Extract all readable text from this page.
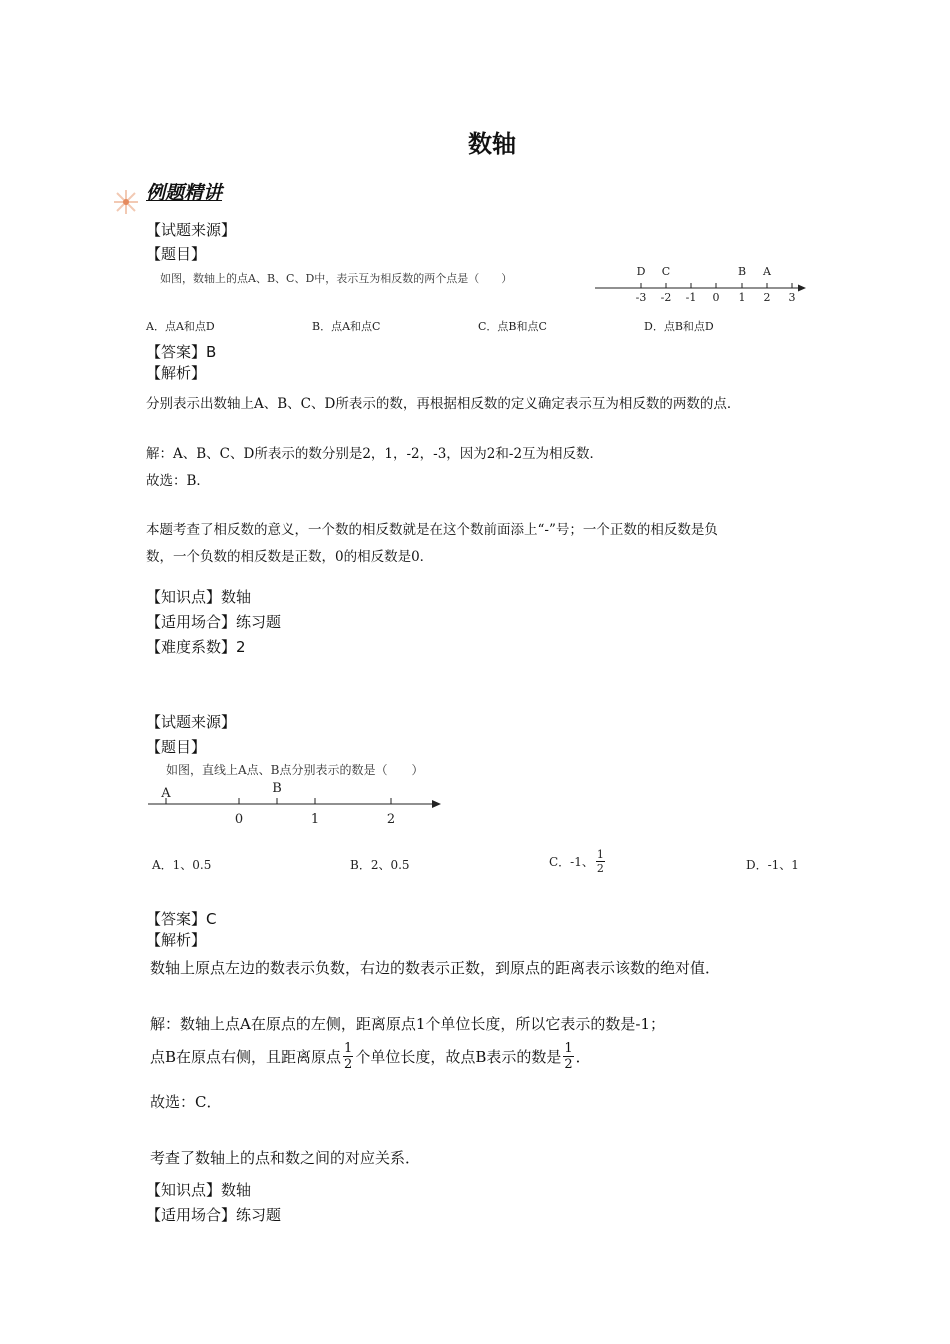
数轴
例题精讲
【试题来源】
【题目】
如图，数轴上的点A、B、C、D中，表示互为相反数的两个点是（　　）
D C	B A
-3 -2 -1 0 1 2 3
A．点A和点D	B．点A和点C	C．点B和点C	D．点B和点D
【答案】B
【解析】
分别表示出数轴上A、B、C、D所表示的数，再根据相反数的定义确定表示互为相反数的两数的点．
解：A、B、C、D所表示的数分别是2，1，-2，-3，因为2和-2互为相反数．
故选：B．
本题考查了相反数的意义，一个数的相反数就是在这个数前面添上“-”号；一个正数的相反数是负
数，一个负数的相反数是正数，0的相反数是0．
【知识点】数轴
【适用场合】练习题
【难度系数】2
【试题来源】
【题目】
如图，直线上A点、B点分别表示的数是（　　）
A	B
0	1	2
A．1、0.5	B．2、0.5	C．-1、 $\frac{1}{2}$	D．-1、1
【答案】C
【解析】
数轴上原点左边的数表示负数，右边的数表示正数，到原点的距离表示该数的绝对值．
解：数轴上点A在原点的左侧，距离原点1个单位长度，所以它表示的数是-1；
点B在原点右侧，且距离原点 $\frac{1}{2}$ 个单位长度，故点B表示的数是 $\frac{1}{2}$ ．
故选：C．
考查了数轴上的点和数之间的对应关系．
【知识点】数轴
【适用场合】练习题
